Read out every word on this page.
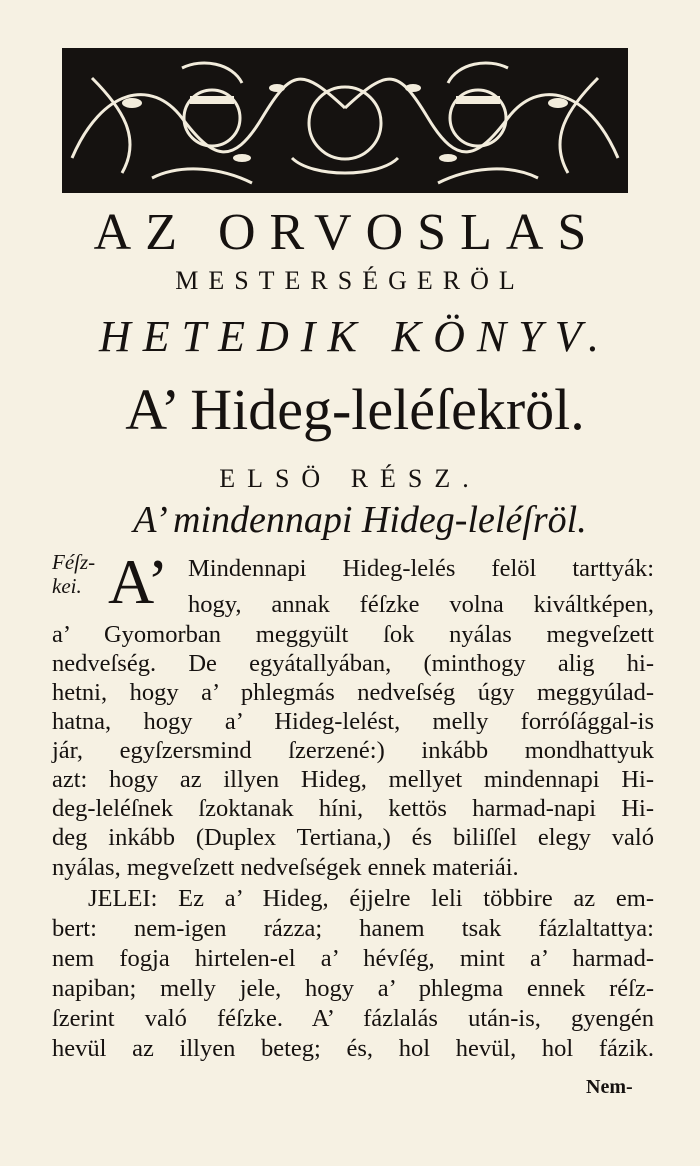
AZ ORVOSLAS
MESTERSÉGERÖL
HETEDIK KÖNYV.
A’ Hideg-leléſekröl.
ELSÖ RÉSZ.
A’ mindennapi Hideg-leléſröl.
Féſz-kei. A’ Mindennapi Hideg-lelés felöl tarttyák:
hogy, annak féſzke volna kiváltképen,
a’ Gyomorban meggyült ſok nyálas megveſzett
nedveſség. De egyátallyában, (minthogy alig hi-
hetni, hogy a’ phlegmás nedveſség úgy meggyúlad-
hatna, hogy a’ Hideg-lelést, melly forróſággal-is
jár, egyſzersmind ſzerzené:) inkább mondhattyuk
azt: hogy az illyen Hideg, mellyet mindennapi Hi-
deg-leléſnek ſzoktanak híni, kettös harmad-napi Hi-
deg inkább (Duplex Tertiana,) és biliſſel elegy való
nyálas, megveſzett nedveſségek ennek materiái.
JELEI: Ez a’ Hideg, éjjelre leli többire az em-
bert: nem-igen rázza; hanem tsak fázlaltattya:
nem fogja hirtelen-el a’ hévſég, mint a’ harmad-
napiban; melly jele, hogy a’ phlegma ennek réſz-
ſzerint való féſzke. A’ fázlalás után-is, gyengén
hevül az illyen beteg; és, hol hevül, hol fázik.
Nem-
